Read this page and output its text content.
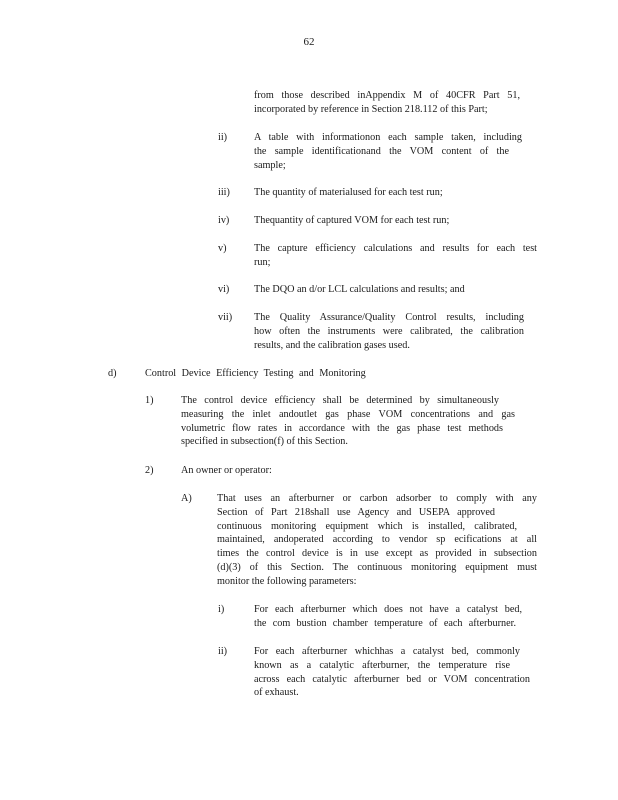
62
from those described inAppendix M of 40CFR Part 51,
incorporated by reference in Section 218.112 of this Part;
ii)	A table with informationon each sample taken, including
the sample identificationand the VOM content of the
sample;
iii) The quantity of materialused for each test run;
iv) Thequantity of captured VOM for each test run;
v)	The capture efficiency calculations and results for each test
run;
vi) The DQO an d/or LCL calculations and results; and
vii) The Quality Assurance/Quality Control results, including
how often the instruments were calibrated, the calibration
results, and the calibration gases used.
d)	Control Device Efficiency Testing and Monitoring
1)	The control device efficiency shall be determined by simultaneously
measuring the inlet andoutlet gas phase VOM concentrations and gas
volumetric flow rates in accordance with the gas phase test methods
specified in subsection(f) of this Section.
2)	An owner or operator:
A) That uses an afterburner or carbon adsorber to comply with any
Section of Part 218shall use Agency and USEPA approved
continuous monitoring equipment which is installed, calibrated,
maintained, andoperated according to vendor sp ecifications at all
times the control device is in use except as provided in subsection
(d)(3) of this Section. The continuous monitoring equipment must
monitor the following parameters:
i)	For each afterburner which does not have a catalyst bed,
the com bustion chamber temperature of each afterburner.
ii)	For each afterburner whichhas a catalyst bed, commonly
known as a catalytic afterburner, the temperature rise
across each catalytic afterburner bed or VOM concentration
of exhaust.
